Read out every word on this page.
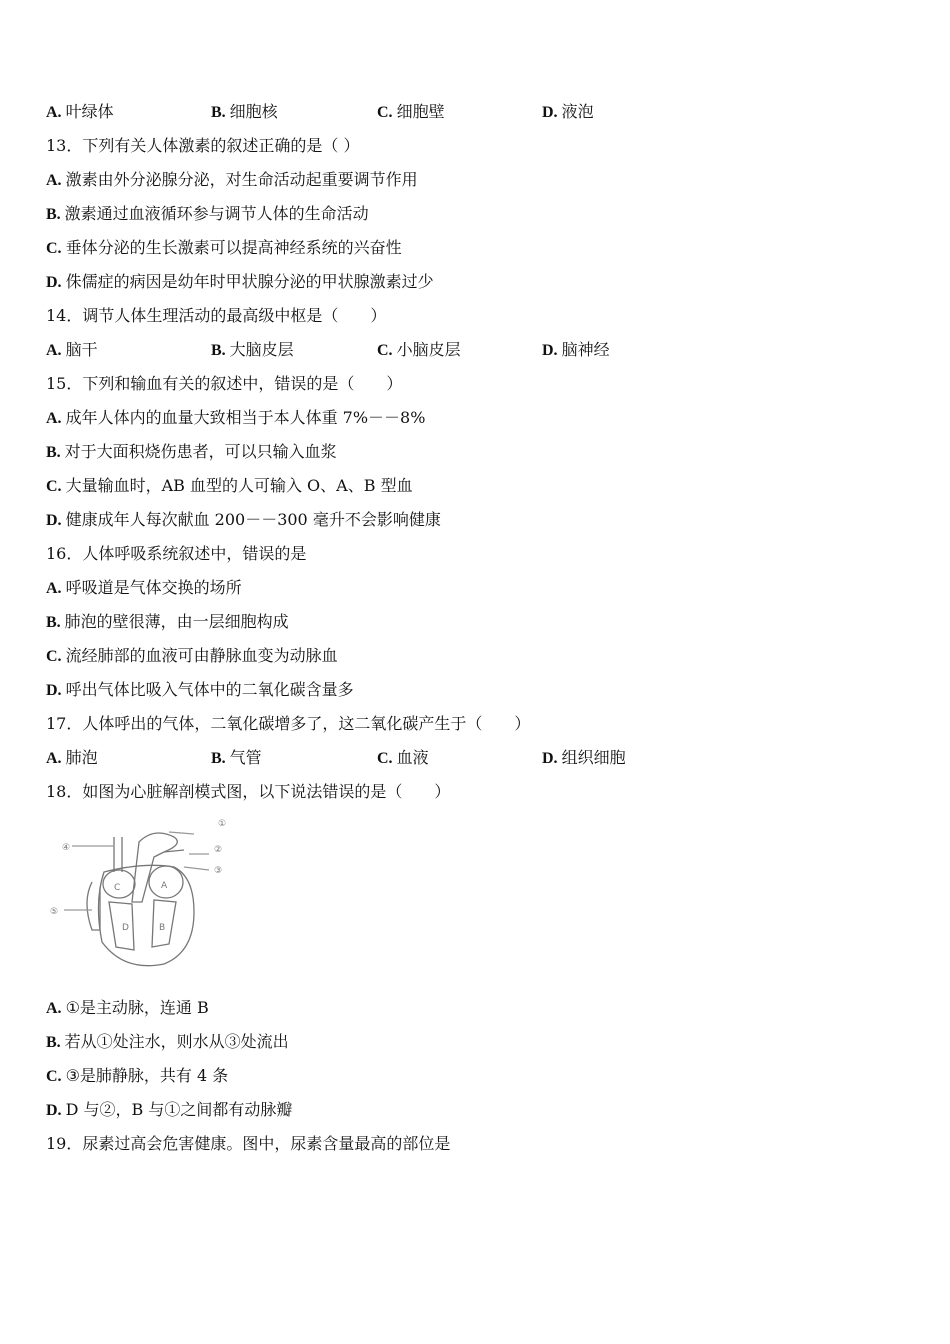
A. 叶绿体	B. 细胞核	C. 细胞壁	D. 液泡
13．下列有关人体激素的叙述正确的是（ ）
A. 激素由外分泌腺分泌，对生命活动起重要调节作用
B. 激素通过血液循环参与调节人体的生命活动
C. 垂体分泌的生长激素可以提高神经系统的兴奋性
D. 侏儒症的病因是幼年时甲状腺分泌的甲状腺激素过少
14．调节人体生理活动的最高级中枢是（　　）
A. 脑干	B. 大脑皮层	C. 小脑皮层	D. 脑神经
15．下列和输血有关的叙述中，错误的是（　　）
A. 成年人体内的血量大致相当于本人体重 7%－－8%
B. 对于大面积烧伤患者，可以只输入血浆
C. 大量输血时，AB 血型的人可输入 O、A、B 型血
D. 健康成年人每次献血 200－－300 毫升不会影响健康
16．人体呼吸系统叙述中，错误的是
A. 呼吸道是气体交换的场所
B. 肺泡的壁很薄，由一层细胞构成
C. 流经肺部的血液可由静脉血变为动脉血
D. 呼出气体比吸入气体中的二氧化碳含量多
17．人体呼出的气体，二氧化碳增多了，这二氧化碳产生于（　　）
A. 肺泡	B. 气管	C. 血液	D. 组织细胞
18．如图为心脏解剖模式图，以下说法错误的是（　　）
①
②
③
④
⑤
A
B
C
D
A. ①是主动脉，连通 B
B. 若从①处注水，则水从③处流出
C. ③是肺静脉，共有 4 条
D. D 与②，B 与①之间都有动脉瓣
19．尿素过高会危害健康。图中，尿素含量最高的部位是
